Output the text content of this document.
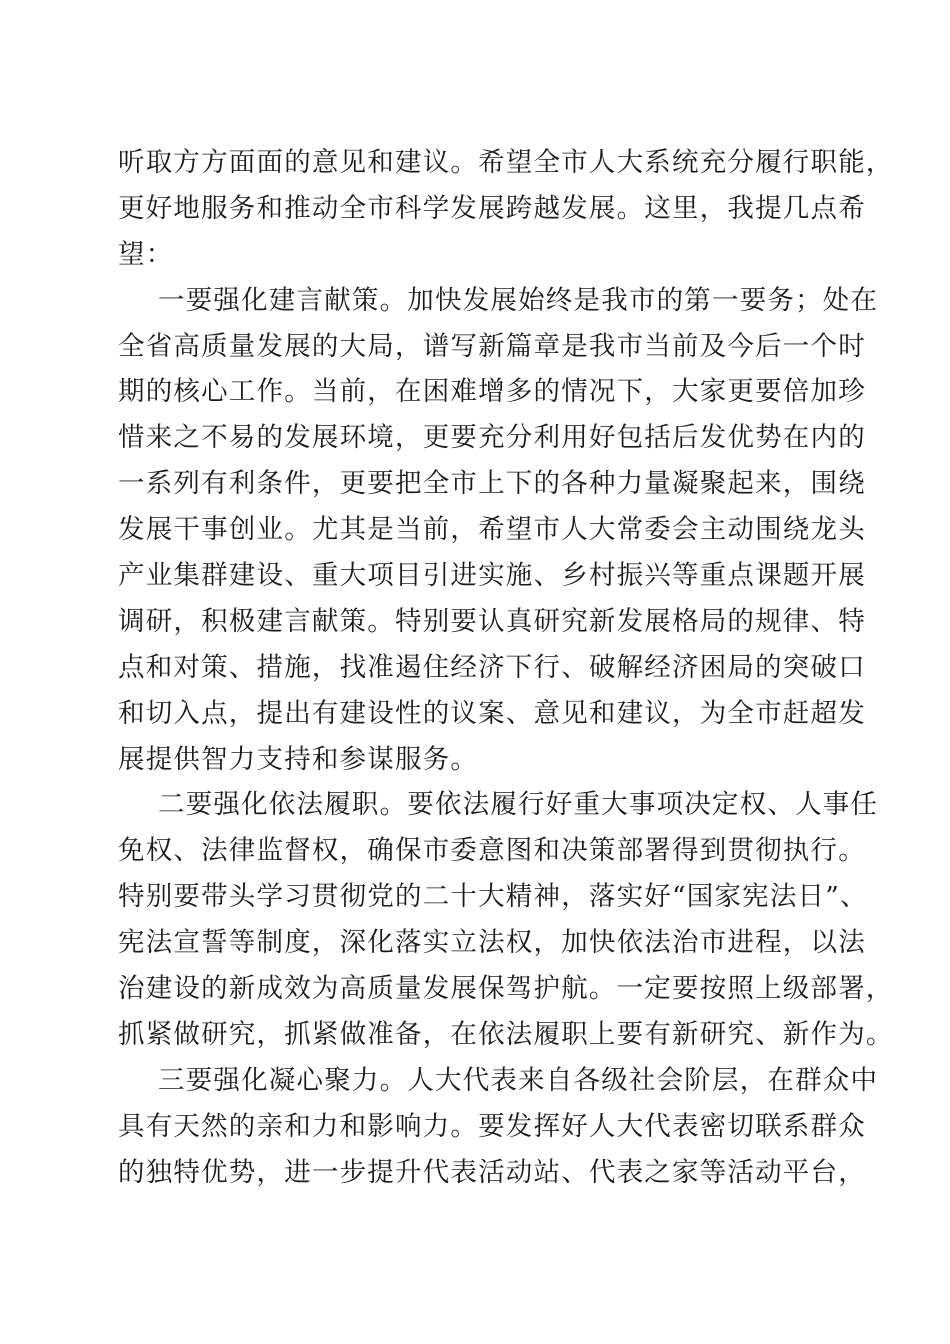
听取方方面面的意见和建议。希望全市人大系统充分履行职能，
更好地服务和推动全市科学发展跨越发展。这里，我提几点希
望：
一要强化建言献策。加快发展始终是我市的第一要务；处在
全省高质量发展的大局，谱写新篇章是我市当前及今后一个时
期的核心工作。当前，在困难增多的情况下，大家更要倍加珍
惜来之不易的发展环境，更要充分利用好包括后发优势在内的
一系列有利条件，更要把全市上下的各种力量凝聚起来，围绕
发展干事创业。尤其是当前，希望市人大常委会主动围绕龙头
产业集群建设、重大项目引进实施、乡村振兴等重点课题开展
调研，积极建言献策。特别要认真研究新发展格局的规律、特
点和对策、措施，找准遏住经济下行、破解经济困局的突破口
和切入点，提出有建设性的议案、意见和建议，为全市赶超发
展提供智力支持和参谋服务。
二要强化依法履职。要依法履行好重大事项决定权、人事任
免权、法律监督权，确保市委意图和决策部署得到贯彻执行。
特别要带头学习贯彻党的二十大精神，落实好“国家宪法日”、
宪法宣誓等制度，深化落实立法权，加快依法治市进程，以法
治建设的新成效为高质量发展保驾护航。一定要按照上级部署，
抓紧做研究，抓紧做准备，在依法履职上要有新研究、新作为。
三要强化凝心聚力。人大代表来自各级社会阶层，在群众中
具有天然的亲和力和影响力。要发挥好人大代表密切联系群众
的独特优势，进一步提升代表活动站、代表之家等活动平台，
